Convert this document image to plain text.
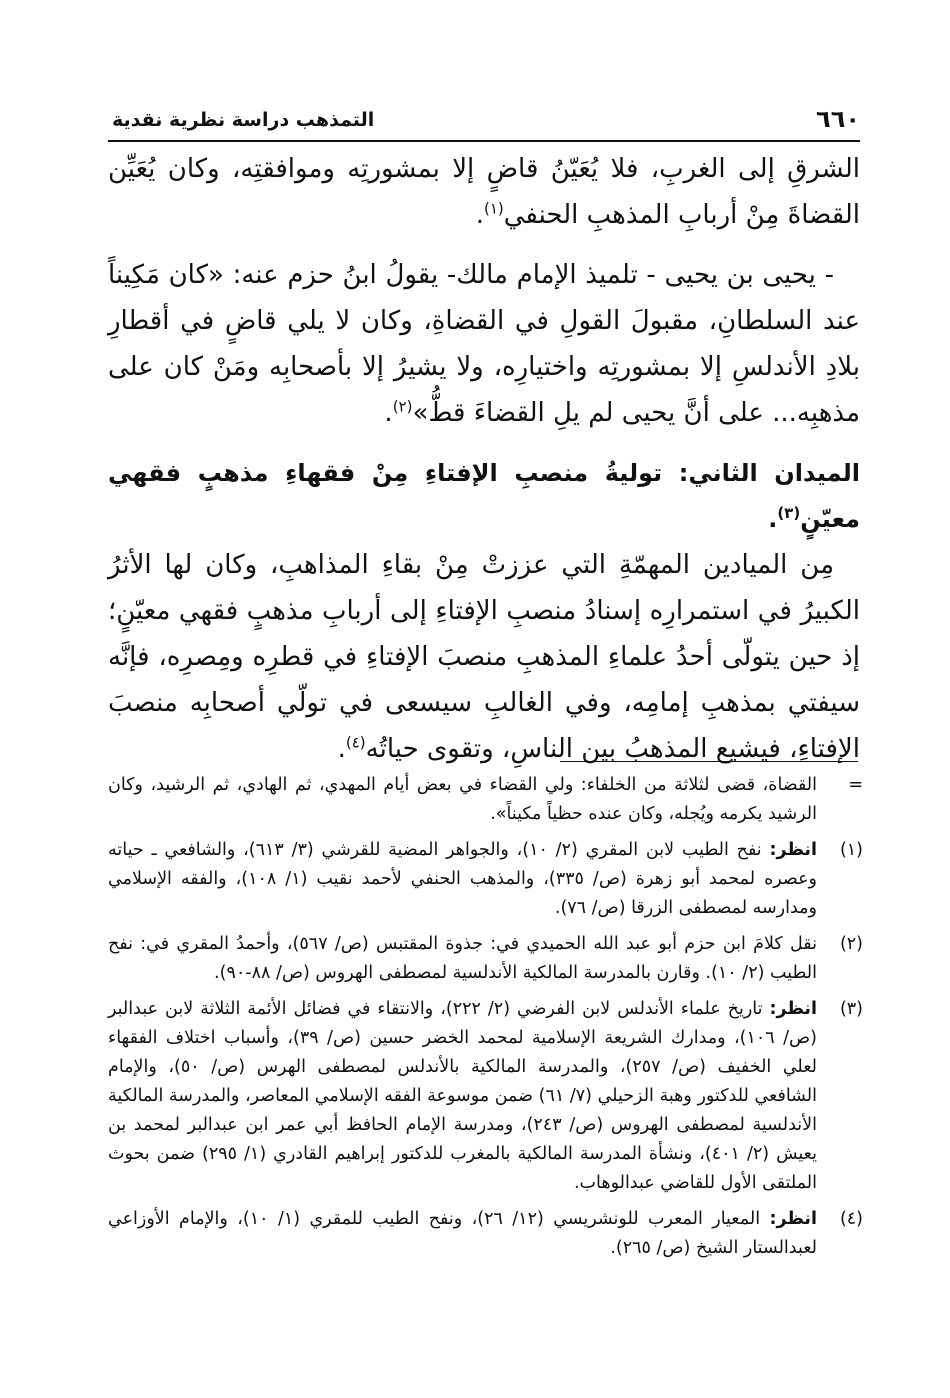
٦٦٠
التمذهب دراسة نظرية نقدية

الشرقِ إلى الغربِ، فلا يُعَيّنُ قاضٍ إلا بمشورتِه وموافقتِه، وكان يُعَيِّن القضاةَ مِنْ أربابِ المذهبِ الحنفي$^{(١)}$.

- يحيى بن يحيى - تلميذ الإمام مالك- يقولُ ابنُ حزم عنه: «كان مَكِيناً عند السلطانِ، مقبولَ القولِ في القضاةِ، وكان لا يلي قاضٍ في أقطارِ بلادِ الأندلسِ إلا بمشورتِه واختيارِه، ولا يشيرُ إلا بأصحابِه ومَنْ كان على مذهبِه... على أنَّ يحيى لم يلِ القضاءَ قطُّ»$^{(٢)}$.

الميدان الثاني: توليةُ منصبِ الإفتاءِ مِنْ فقهاءِ مذهبٍ فقهي معيّنٍ$^{(٣)}$.

مِن الميادين المهمّةِ التي عززتْ مِنْ بقاءِ المذاهبِ، وكان لها الأثرُ الكبيرُ في استمرارِه إسنادُ منصبِ الإفتاءِ إلى أربابِ مذهبٍ فقهي معيّنٍ؛ إذ حين يتولّى أحدُ علماءِ المذهبِ منصبَ الإفتاءِ في قطرِه ومِصرِه، فإنَّه سيفتي بمذهبِ إمامِه، وفي الغالبِ سيسعى في تولّي أصحابِه منصبَ الإفتاءِ، فيشيع المذهبُ بين الناسِ، وتقوى حياتُه$^{(٤)}$.

=
القضاة، قضى لثلاثة من الخلفاء: ولي القضاء في بعض أيام المهدي، ثم الهادي، ثم الرشيد، وكان الرشيد يكرمه ويُجله، وكان عنده حظياً مكيناً».
(١)
انظر: نفح الطيب لابن المقري (٢/ ١٠)، والجواهر المضية للقرشي (٣/ ٦١٣)، والشافعي ـ حياته وعصره لمحمد أبو زهرة (ص/ ٣٣٥)، والمذهب الحنفي لأحمد نقيب (١/ ١٠٨)، والفقه الإسلامي ومدارسه لمصطفى الزرقا (ص/ ٧٦).
(٢)
نقل كلامَ ابن حزم أبو عبد الله الحميدي في: جذوة المقتبس (ص/ ٥٦٧)، وأحمدُ المقري في: نفح الطيب (٢/ ١٠). وقارن بالمدرسة المالكية الأندلسية لمصطفى الهروس (ص/ ٨٨-٩٠).
(٣)
انظر: تاريخ علماء الأندلس لابن الفرضي (٢/ ٢٢٢)، والانتقاء في فضائل الأئمة الثلاثة لابن عبدالبر (ص/ ١٠٦)، ومدارك الشريعة الإسلامية لمحمد الخضر حسين (ص/ ٣٩)، وأسباب اختلاف الفقهاء لعلي الخفيف (ص/ ٢٥٧)، والمدرسة المالكية بالأندلس لمصطفى الهرس (ص/ ٥٠)، والإمام الشافعي للدكتور وهبة الزحيلي (٧/ ٦١) ضمن موسوعة الفقه الإسلامي المعاصر، والمدرسة المالكية الأندلسية لمصطفى الهروس (ص/ ٢٤٣)، ومدرسة الإمام الحافظ أبي عمر ابن عبدالبر لمحمد بن يعيش (٢/ ٤٠١)، ونشأة المدرسة المالكية بالمغرب للدكتور إبراهيم القادري (١/ ٢٩٥) ضمن بحوث الملتقى الأول للقاضي عبدالوهاب.
(٤)
انظر: المعيار المعرب للونشريسي (١٢/ ٢٦)، ونفح الطيب للمقري (١/ ١٠)، والإمام الأوزاعي لعبدالستار الشيخ (ص/ ٢٦٥).
